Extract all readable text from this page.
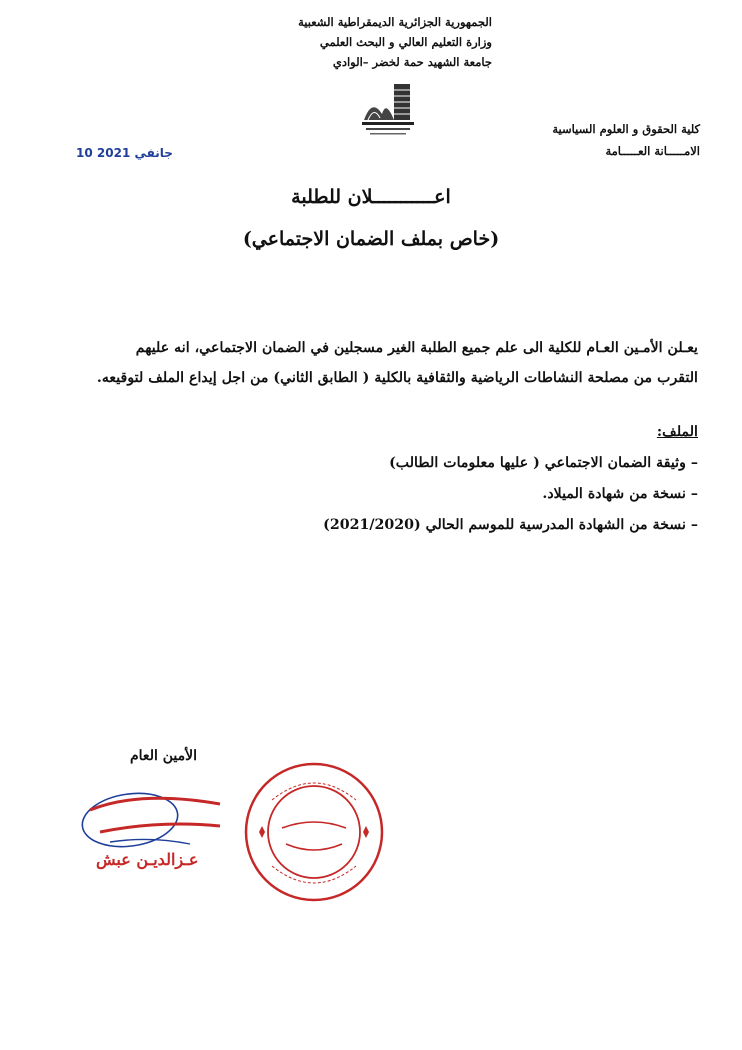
الجمهورية الجزائرية الديمقراطية الشعبية
وزارة التعليم العالي و البحث العلمي
جامعة الشهيد حمة لخضر –الوادي
كلية الحقوق و العلوم السياسية
الامـــــانة العـــــامة
10 جانفي 2021
اعـــــــــــلان للطلبة
(خاص بملف الضمان الاجتماعي)

يعـلن الأمـين العـام للكلية الى علم جميع الطلبة الغير مسجلين في الضمان الاجتماعي، انه عليهم

التقرب من مصلحة النشاطات الرياضية والثقافية بالكلية ( الطابق الثاني) من اجل إيداع الملف لتوقيعه.

الملف:
– وثيقة الضمان الاجتماعي ( عليها معلومات الطالب)
– نسخة من شهادة الميلاد.
– نسخة من الشهادة المدرسية للموسم الحالي (2021/2020)
الأمين العام
عـزالديـن عبش
